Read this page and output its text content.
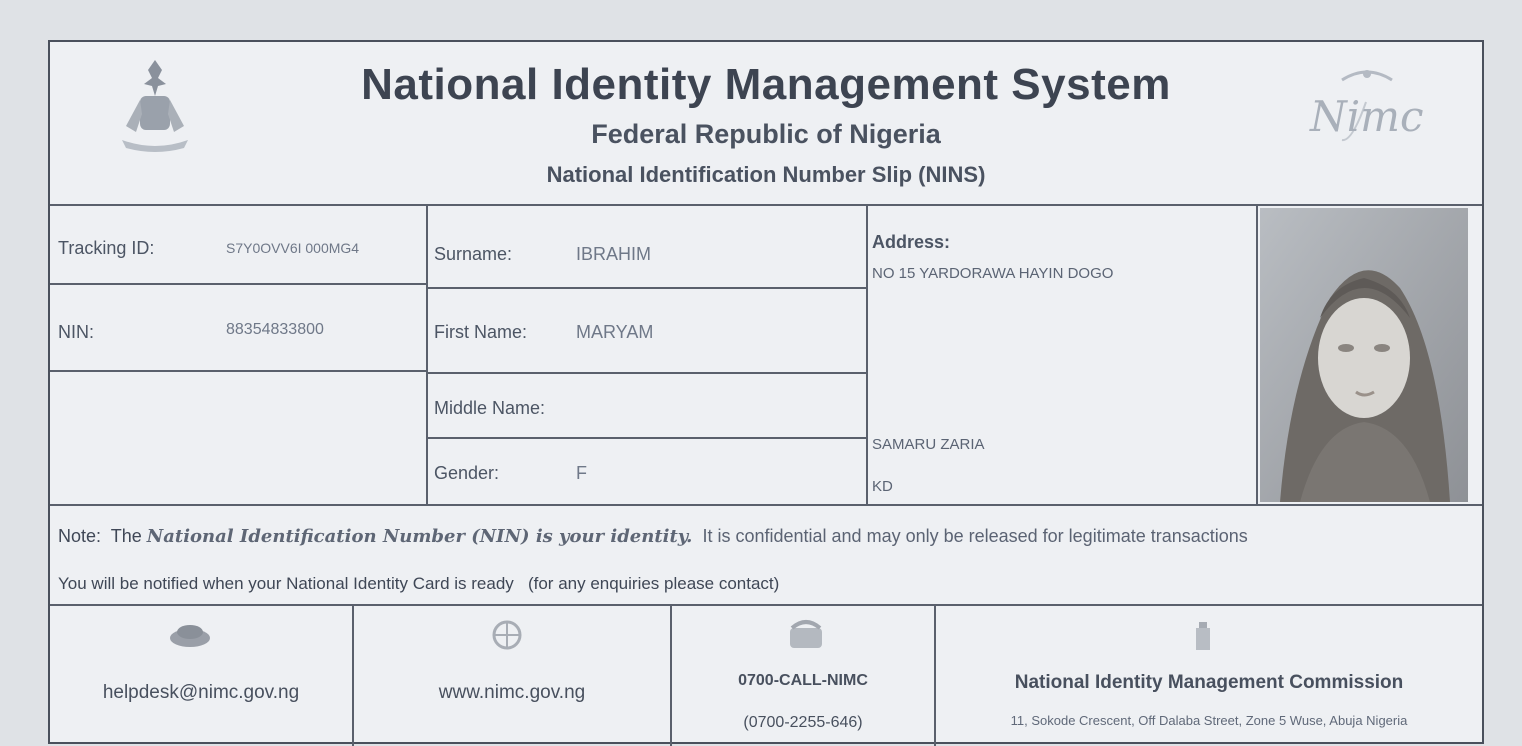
National Identity Management System
Federal Republic of Nigeria
National Identification Number Slip (NINS)
Nimc
Tracking ID:	S7Y0OVV6I 000MG4
NIN:	88354833800
Surname:	IBRAHIM
First Name:	MARYAM
Middle Name:
Gender:	F
Address:
NO 15 YARDORAWA HAYIN DOGO
SAMARU ZARIA
KD
Note: The National Identification Number (NIN) is your identity. It is confidential and may only be released for legitimate transactions
You will be notified when your National Identity Card is ready   (for any enquiries please contact)
helpdesk@nimc.gov.ng	www.nimc.gov.ng
0700-CALL-NIMC
(0700-2255-646)
National Identity Management Commission
11, Sokode Crescent, Off Dalaba Street, Zone 5 Wuse, Abuja Nigeria
